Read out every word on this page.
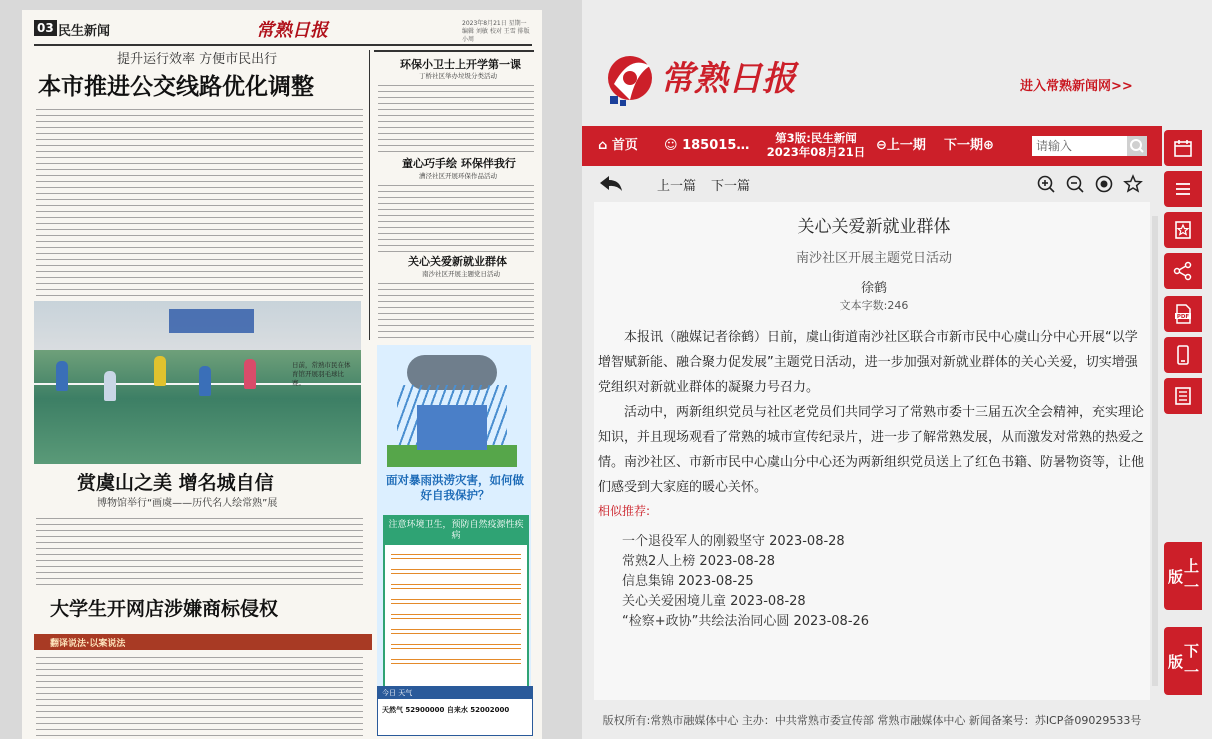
03 民生新闻	常熟日报	2023年8月21日 星期一
编辑 刘敏 校对 王雪 排版 小周
提升运行效率 方便市民出行
本市推进公交线路优化调整
环保小卫士上开学第一课
丁桥社区举办垃圾分类活动
童心巧手绘 环保伴我行
漕泾社区开展环保作品活动
关心关爱新就业群体
南沙社区开展主题党日活动
日前，常熟市民在体育馆开展羽毛球比赛。
赏虞山之美 增名城自信
博物馆举行“画虞——历代名人绘常熟”展
大学生开网店涉嫌商标侵权
翻译说法·以案说法
面对暴雨洪涝灾害，如何做好自我保护？
注意环境卫生，预防自然疫源性疾病
今日 天气
天然气 52900000 自来水 52002000
常熟日报	进入常熟新闻网>>
⌂ 首页 ☺ 185015…	第3版:民生新闻
2023年08月21日 ⊖上一期 下一期⊕	请输入
上一篇 下一篇
关心关爱新就业群体
南沙社区开展主题党日活动
徐鹤
文本字数:246

本报讯（融媒记者徐鹤）日前，虞山街道南沙社区联合市新市民中心虞山分中心开展“以学增智赋新能、融合聚力促发展”主题党日活动，进一步加强对新就业群体的关心关爱，切实增强党组织对新就业群体的凝聚力号召力。

活动中，两新组织党员与社区老党员们共同学习了常熟市委十三届五次全会精神，充实理论知识，并且现场观看了常熟的城市宣传纪录片，进一步了解常熟发展，从而激发对常熟的热爱之情。南沙社区、市新市民中心虞山分中心还为两新组织党员送上了红色书籍、防暑物资等，让他们感受到大家庭的暖心关怀。

相似推荐:
一个退役军人的刚毅坚守 2023-08-28
常熟2人上榜 2023-08-28
信息集锦 2023-08-25
关心关爱困境儿童 2023-08-28
“检察+政协”共绘法治同心圆 2023-08-26
版权所有:常熟市融媒体中心 主办：中共常熟市委宣传部 常熟市融媒体中心 新闻备案号：苏ICP备09029533号
PDF
上一版
下一版
